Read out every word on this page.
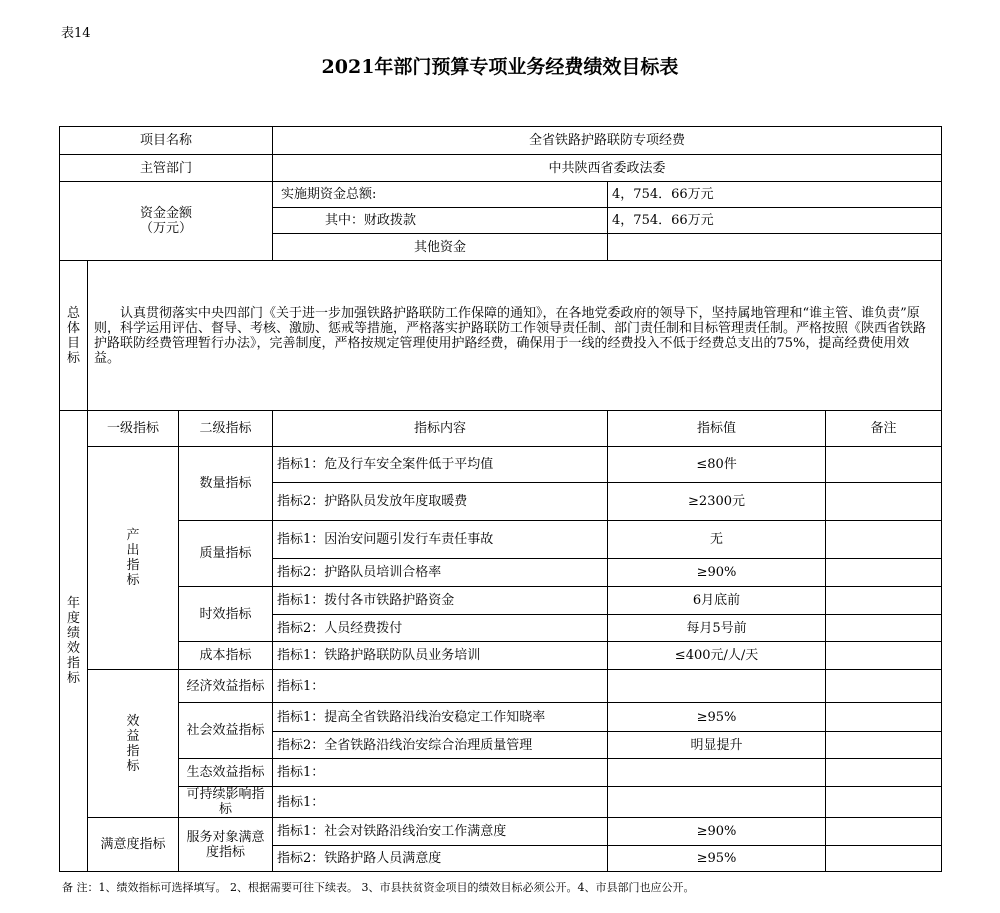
表14
2021年部门预算专项业务经费绩效目标表
项目名称			全省铁路护路联防专项经费		
主管部门			中共陕西省委政法委		
资金金额
（万元）			实施期资金总额:	4，754．66万元	
			其中：财政拨款	4，754．66万元	
			其他资金		
总体目标	认真贯彻落实中央四部门《关于进一步加强铁路护路联防工作保障的通知》，在各地党委政府的领导下，坚持属地管理和“谁主管、谁负责”原则，科学运用评估、督导、考核、激励、惩戒等措施，严格落实护路联防工作领导责任制、部门责任制和目标管理责任制。严格按照《陕西省铁路护路联防经费管理暂行办法》，完善制度，严格按规定管理使用护路经费，确保用于一线的经费投入不低于经费总支出的75%，提高经费使用效益。				
年度绩效指标	一级指标	二级指标	指标内容	指标值	备注
	产出指标	数量指标	指标1：危及行车安全案件低于平均值	≤80件	
			指标2：护路队员发放年度取暖费	≥2300元	
		质量指标	指标1：因治安问题引发行车责任事故	无	
			指标2：护路队员培训合格率	≥90%	
		时效指标	指标1：拨付各市铁路护路资金	6月底前	
			指标2：人员经费拨付	每月5号前	
		成本指标	指标1：铁路护路联防队员业务培训	≤400元/人/天	
	效益指标	经济效益指标	指标1：		
		社会效益指标	指标1：提高全省铁路沿线治安稳定工作知晓率	≥95%	
			指标2：全省铁路沿线治安综合治理质量管理	明显提升	
		生态效益指标	指标1：		
		可持续影响指标	指标1：		
	满意度指标	服务对象满意度指标	指标1：社会对铁路沿线治安工作满意度	≥90%	
			指标2：铁路护路人员满意度	≥95%	
备 注：1、绩效指标可选择填写。 2、根据需要可往下续表。 3、市县扶贫资金项目的绩效目标必须公开。4、市县部门也应公开。
